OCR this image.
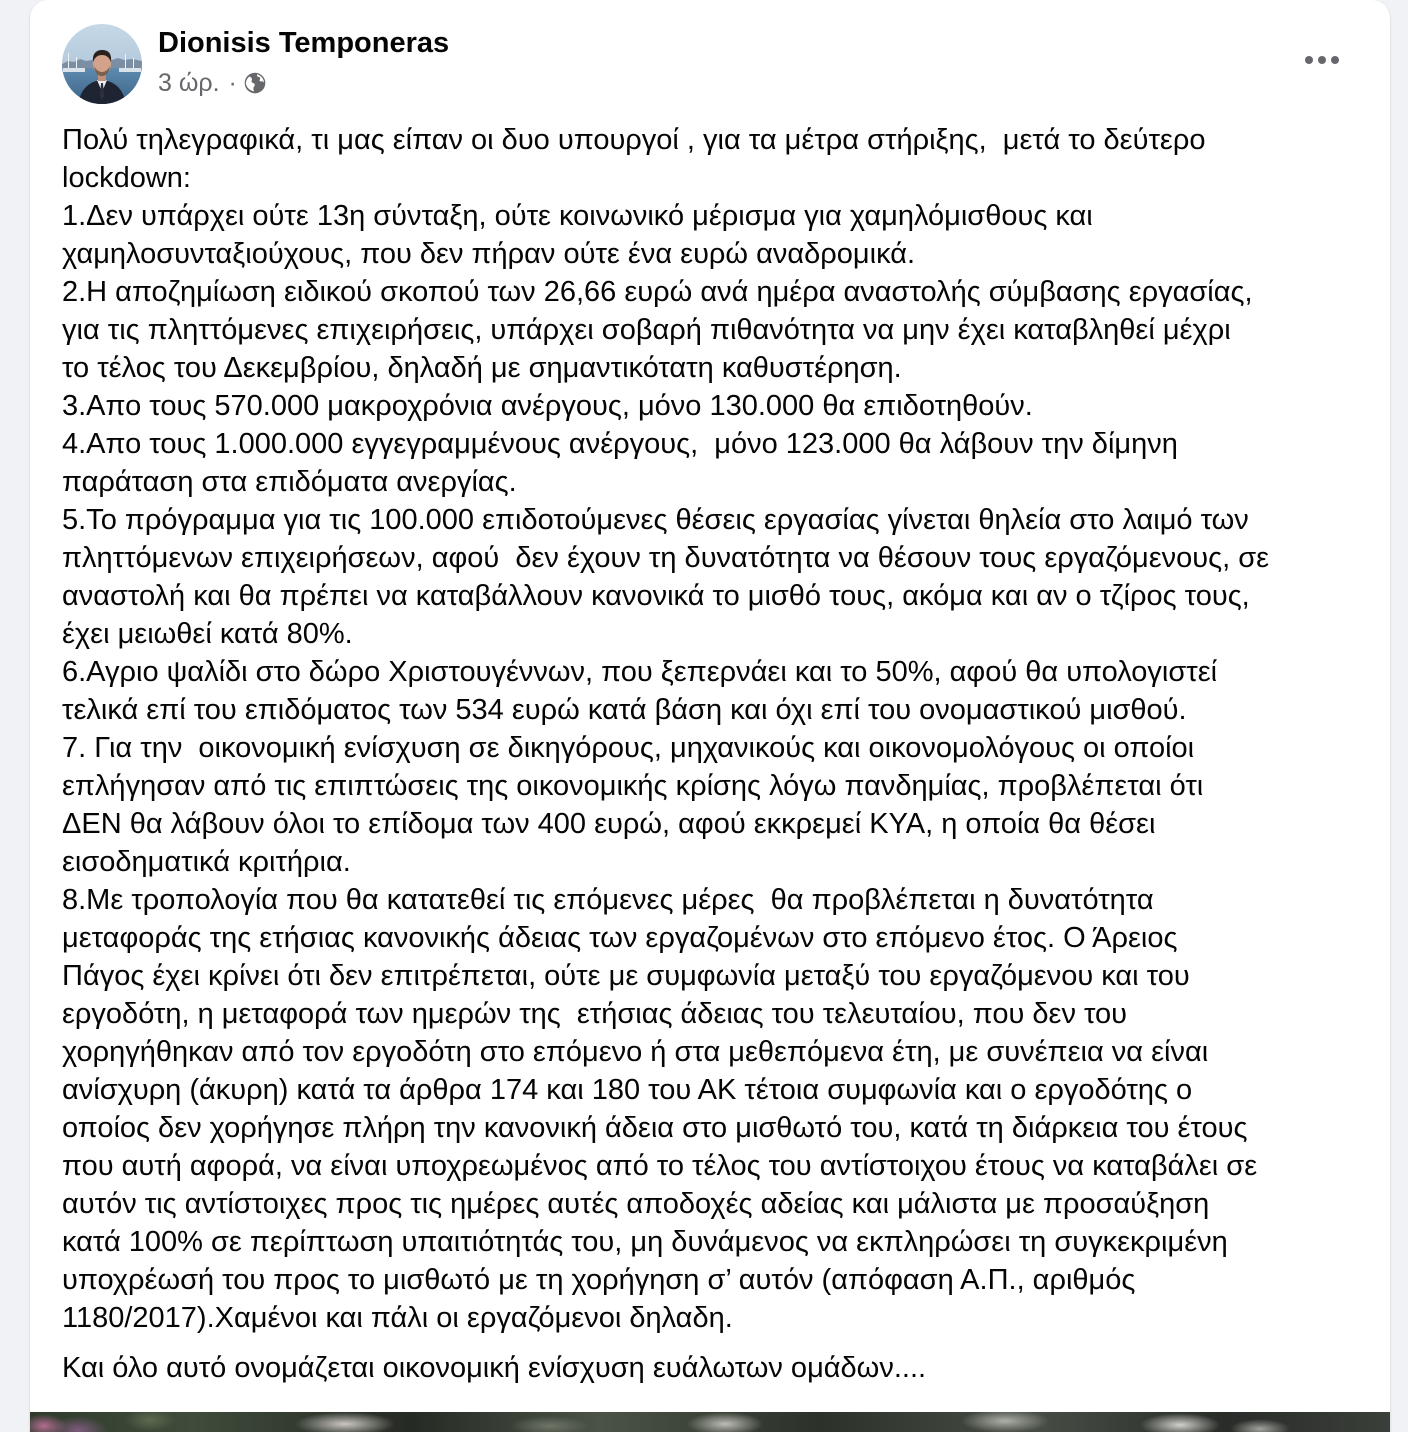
Dionisis Temponeras
3 ώρ. ·
Πολύ τηλεγραφικά, τι μας είπαν οι δυο υπουργοί , για τα μέτρα στήριξης,  μετά το δεύτερο
lockdown:
1.Δεν υπάρχει ούτε 13η σύνταξη, ούτε κοινωνικό μέρισμα για χαμηλόμισθους και
χαμηλοσυνταξιούχους, που δεν πήραν ούτε ένα ευρώ αναδρομικά.
2.Η αποζημίωση ειδικού σκοπού των 26,66 ευρώ ανά ημέρα αναστολής σύμβασης εργασίας,
για τις πληττόμενες επιχειρήσεις, υπάρχει σοβαρή πιθανότητα να μην έχει καταβληθεί μέχρι
το τέλος του Δεκεμβρίου, δηλαδή με σημαντικότατη καθυστέρηση.
3.Απο τους 570.000 μακροχρόνια ανέργους, μόνο 130.000 θα επιδοτηθούν.
4.Απο τους 1.000.000 εγγεγραμμένους ανέργους,  μόνο 123.000 θα λάβουν την δίμηνη
παράταση στα επιδόματα ανεργίας.
5.Το πρόγραμμα για τις 100.000 επιδοτούμενες θέσεις εργασίας γίνεται θηλεία στο λαιμό των
πληττόμενων επιχειρήσεων, αφού  δεν έχουν τη δυνατότητα να θέσουν τους εργαζόμενους, σε
αναστολή και θα πρέπει να καταβάλλουν κανονικά το μισθό τους, ακόμα και αν ο τζίρος τους,
έχει μειωθεί κατά 80%.
6.Αγριο ψαλίδι στο δώρο Χριστουγέννων, που ξεπερνάει και το 50%, αφού θα υπολογιστεί
τελικά επί του επιδόματος των 534 ευρώ κατά βάση και όχι επί του ονομαστικού μισθού.
7. Για την  οικονομική ενίσχυση σε δικηγόρους, μηχανικούς και οικονομολόγους οι οποίοι
επλήγησαν από τις επιπτώσεις της οικονομικής κρίσης λόγω πανδημίας, προβλέπεται ότι
ΔΕΝ θα λάβουν όλοι το επίδομα των 400 ευρώ, αφού εκκρεμεί ΚΥΑ, η οποία θα θέσει
εισοδηματικά κριτήρια.
8.Με τροπολογία που θα κατατεθεί τις επόμενες μέρες  θα προβλέπεται η δυνατότητα
μεταφοράς της ετήσιας κανονικής άδειας των εργαζομένων στο επόμενο έτος. Ο Άρειος
Πάγος έχει κρίνει ότι δεν επιτρέπεται, ούτε με συμφωνία μεταξύ του εργαζόμενου και του
εργοδότη, η μεταφορά των ημερών της  ετήσιας άδειας του τελευταίου, που δεν του
χορηγήθηκαν από τον εργοδότη στο επόμενο ή στα μεθεπόμενα έτη, με συνέπεια να είναι
ανίσχυρη (άκυρη) κατά τα άρθρα 174 και 180 του ΑΚ τέτοια συμφωνία και ο εργοδότης ο
οποίος δεν χορήγησε πλήρη την κανονική άδεια στο μισθωτό του, κατά τη διάρκεια του έτους
που αυτή αφορά, να είναι υποχρεωμένος από το τέλος του αντίστοιχου έτους να καταβάλει σε
αυτόν τις αντίστοιχες προς τις ημέρες αυτές αποδοχές αδείας και μάλιστα με προσαύξηση
κατά 100% σε περίπτωση υπαιτιότητάς του, μη δυνάμενος να εκπληρώσει τη συγκεκριμένη
υποχρέωσή του προς το μισθωτό με τη χορήγηση σ’ αυτόν (απόφαση Α.Π., αριθμός
1180/2017).Χαμένοι και πάλι οι εργαζόμενοι δηλαδη.
Και όλο αυτό ονομάζεται οικονομική ενίσχυση ευάλωτων ομάδων....
